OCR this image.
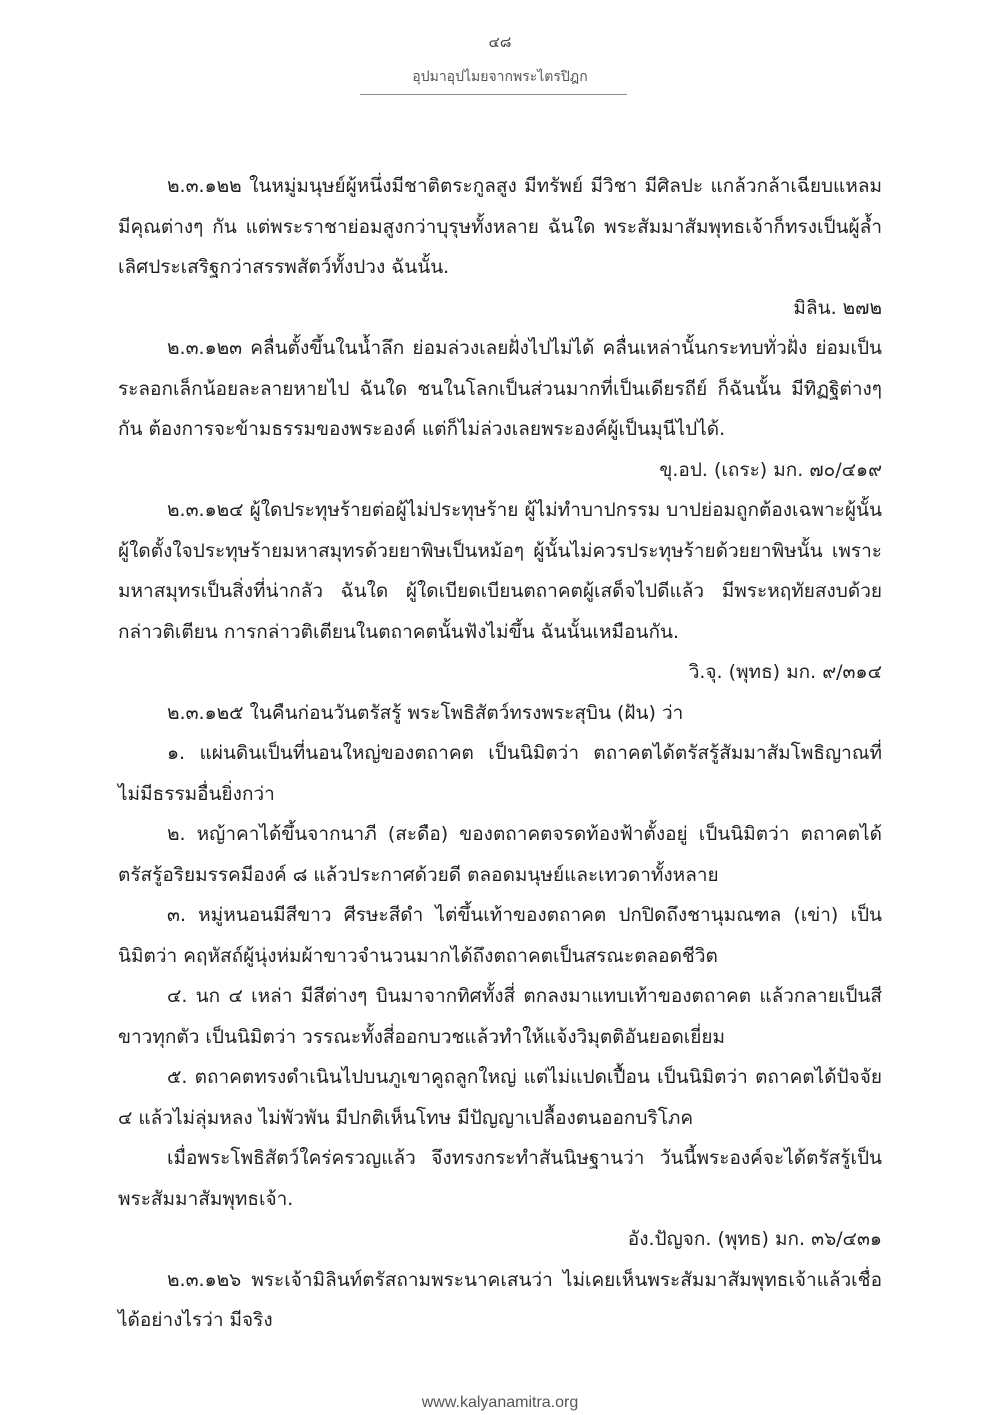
๔๘
อุปมาอุปไมยจากพระไตรปิฎก

๒.๓.๑๒๒ ในหมู่มนุษย์ผู้หนึ่งมีชาติตระกูลสูง มีทรัพย์ มีวิชา มีศิลปะ แกล้วกล้าเฉียบแหลม มีคุณต่างๆ กัน แต่พระราชาย่อมสูงกว่าบุรุษทั้งหลาย ฉันใด พระสัมมาสัมพุทธเจ้าก็ทรงเป็นผู้ล้ำเลิศประเสริฐกว่าสรรพสัตว์ทั้งปวง ฉันนั้น.

มิลิน. ๒๗๒

๒.๓.๑๒๓ คลื่นตั้งขึ้นในน้ำลึก ย่อมล่วงเลยฝั่งไปไม่ได้ คลื่นเหล่านั้นกระทบทั่วฝั่ง ย่อมเป็นระลอกเล็กน้อยละลายหายไป ฉันใด ชนในโลกเป็นส่วนมากที่เป็นเดียรถีย์ ก็ฉันนั้น มีทิฏฐิต่างๆ กัน ต้องการจะข้ามธรรมของพระองค์ แต่ก็ไม่ล่วงเลยพระองค์ผู้เป็นมุนีไปได้.

ขุ.อป. (เถระ) มก. ๗๐/๔๑๙

๒.๓.๑๒๔ ผู้ใดประทุษร้ายต่อผู้ไม่ประทุษร้าย ผู้ไม่ทำบาปกรรม บาปย่อมถูกต้องเฉพาะผู้นั้น ผู้ใดตั้งใจประทุษร้ายมหาสมุทรด้วยยาพิษเป็นหม้อๆ ผู้นั้นไม่ควรประทุษร้ายด้วยยาพิษนั้น เพราะมหาสมุทรเป็นสิ่งที่น่ากลัว ฉันใด ผู้ใดเบียดเบียนตถาคตผู้เสด็จไปดีแล้ว มีพระหฤทัยสงบด้วยกล่าวติเตียน การกล่าวติเตียนในตถาคตนั้นฟังไม่ขึ้น ฉันนั้นเหมือนกัน.

วิ.จุ. (พุทธ) มก. ๙/๓๑๔

๒.๓.๑๒๕ ในคืนก่อนวันตรัสรู้ พระโพธิสัตว์ทรงพระสุบิน (ฝัน) ว่า

๑. แผ่นดินเป็นที่นอนใหญ่ของตถาคต เป็นนิมิตว่า ตถาคตได้ตรัสรู้สัมมาสัมโพธิญาณที่ไม่มีธรรมอื่นยิ่งกว่า

๒. หญ้าคาได้ขึ้นจากนาภี (สะดือ) ของตถาคตจรดท้องฟ้าตั้งอยู่ เป็นนิมิตว่า ตถาคตได้ตรัสรู้อริยมรรคมีองค์ ๘ แล้วประกาศด้วยดี ตลอดมนุษย์และเทวดาทั้งหลาย

๓. หมู่หนอนมีสีขาว ศีรษะสีดำ ไต่ขึ้นเท้าของตถาคต ปกปิดถึงชานุมณฑล (เข่า) เป็นนิมิตว่า คฤหัสถ์ผู้นุ่งห่มผ้าขาวจำนวนมากได้ถึงตถาคตเป็นสรณะตลอดชีวิต

๔. นก ๔ เหล่า มีสีต่างๆ บินมาจากทิศทั้งสี่ ตกลงมาแทบเท้าของตถาคต แล้วกลายเป็นสีขาวทุกตัว เป็นนิมิตว่า วรรณะทั้งสี่ออกบวชแล้วทำให้แจ้งวิมุตติอันยอดเยี่ยม

๕. ตถาคตทรงดำเนินไปบนภูเขาคูถลูกใหญ่ แต่ไม่แปดเปื้อน เป็นนิมิตว่า ตถาคตได้ปัจจัย ๔ แล้วไม่ลุ่มหลง ไม่พัวพัน มีปกติเห็นโทษ มีปัญญาเปลื้องตนออกบริโภค

เมื่อพระโพธิสัตว์ใคร่ครวญแล้ว จึงทรงกระทำสันนิษฐานว่า วันนี้พระองค์จะได้ตรัสรู้เป็นพระสัมมาสัมพุทธเจ้า.

อัง.ปัญจก. (พุทธ) มก. ๓๖/๔๓๑

๒.๓.๑๒๖ พระเจ้ามิลินท์ตรัสถามพระนาคเสนว่า ไม่เคยเห็นพระสัมมาสัมพุทธเจ้าแล้วเชื่อได้อย่างไรว่า มีจริง

www.kalyanamitra.org
